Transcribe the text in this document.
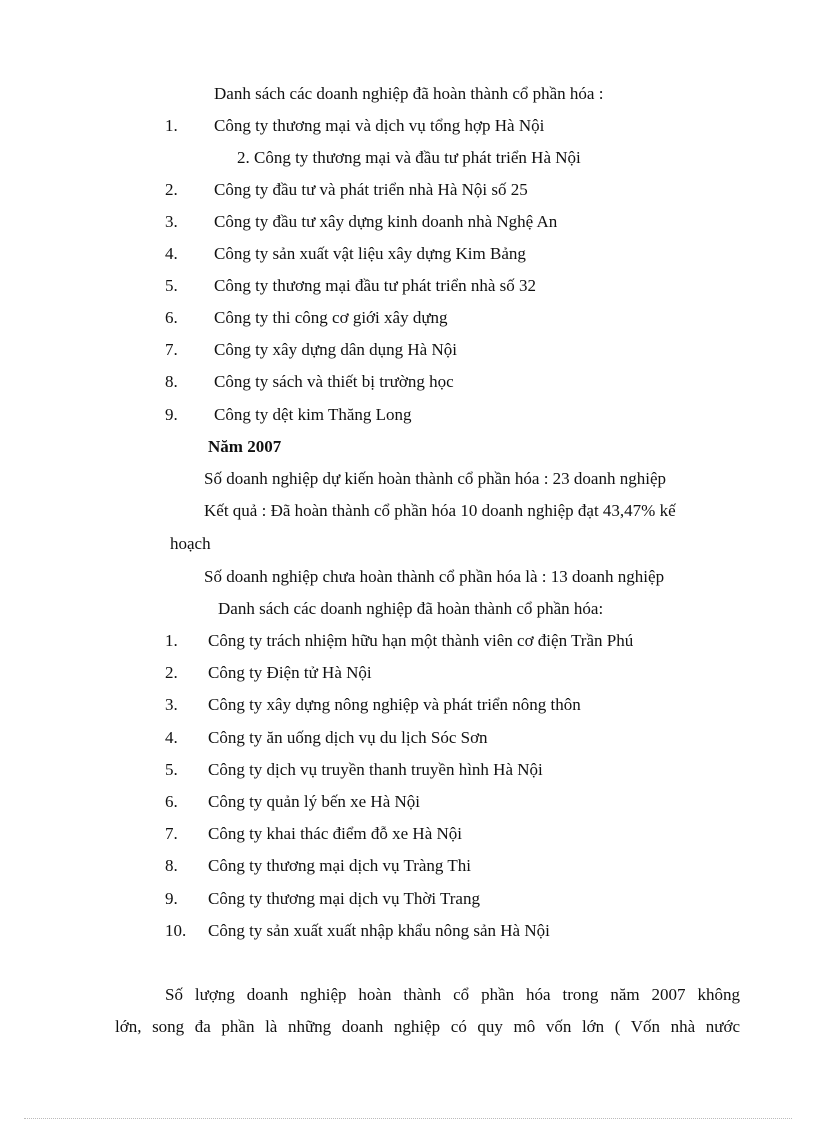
Danh sách các doanh nghiệp đã hoàn thành cổ phần hóa :
1. Công ty thương mại và dịch vụ tổng hợp Hà Nội
2. Công ty thương mại và đầu tư phát triển Hà Nội
2. Công ty đầu tư và phát triển nhà Hà Nội số 25
3. Công ty đầu tư xây dựng kinh doanh nhà Nghệ An
4. Công ty sản xuất vật liệu xây dựng Kim Bảng
5. Công ty thương mại đầu tư phát triển nhà số 32
6. Công ty thi công cơ giới xây dựng
7. Công ty xây dựng dân dụng Hà Nội
8. Công ty sách và thiết bị trường học
9. Công ty dệt kim Thăng Long
Năm 2007
Số doanh nghiệp dự kiến hoàn thành cổ phần hóa : 23 doanh nghiệp
Kết quả : Đã hoàn thành cổ phần hóa 10 doanh nghiệp đạt 43,47% kế
hoạch
Số doanh nghiệp chưa hoàn thành cổ phần hóa là : 13 doanh nghiệp
Danh sách các doanh nghiệp đã hoàn thành cổ phần hóa:
1. Công ty trách nhiệm hữu hạn một thành viên cơ điện Trần Phú
2. Công ty Điện tử Hà Nội
3. Công ty xây dựng nông nghiệp và phát triển nông thôn
4. Công ty ăn uống dịch vụ du lịch Sóc Sơn
5. Công ty dịch vụ truyền thanh truyền hình Hà Nội
6. Công ty quản lý bến xe Hà Nội
7. Công ty khai thác điểm đỗ xe Hà Nội
8. Công ty thương mại dịch vụ Tràng Thi
9. Công ty thương mại dịch vụ Thời Trang
10. Công ty sản xuất xuất nhập khẩu nông sản Hà Nội
Số lượng doanh nghiệp hoàn thành cổ phần hóa trong năm 2007 không
lớn, song đa phần là những doanh nghiệp có quy mô vốn lớn ( Vốn nhà nước
